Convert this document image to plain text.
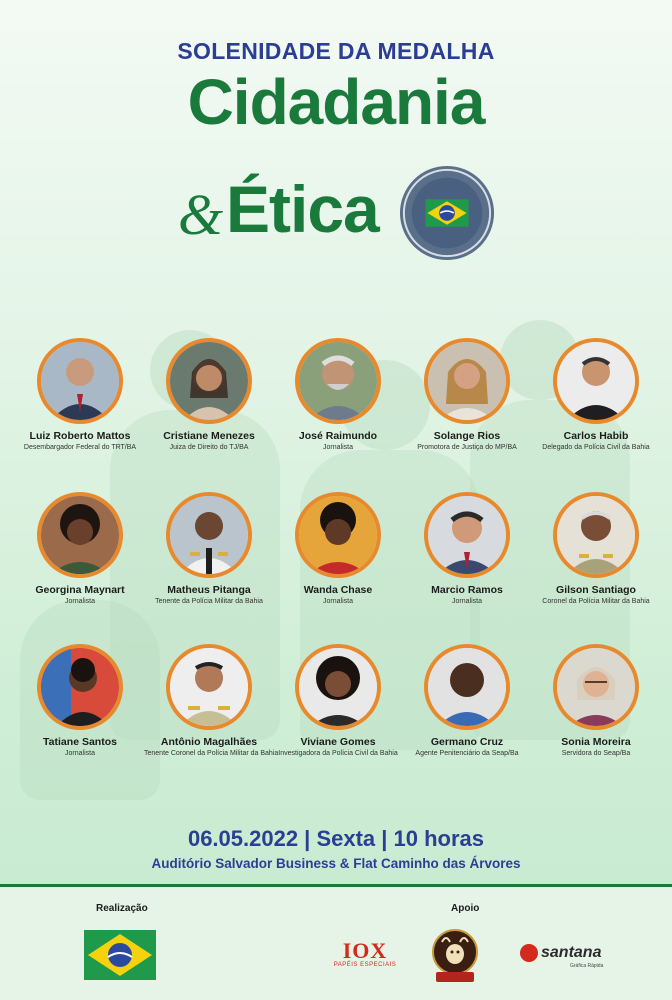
SOLENIDADE DA MEDALHA
Cidadania
& Ética
Luiz Roberto Mattos
Desembargador Federal do TRT/BA
Cristiane Menezes
Juiza de Direito do TJ/BA
José Raimundo
Jornalista
Solange Rios
Promotora de Justiça do MP/BA
Carlos Habib
Delegado da Polícia Civil da Bahia
Georgina Maynart
Jornalista
Matheus Pitanga
Tenente da Polícia Militar da Bahia
Wanda Chase
Jornalista
Marcio Ramos
Jornalista
Gilson Santiago
Coronel da Polícia Militar da Bahia
Tatiane Santos
Jornalista
Antônio Magalhães
Tenente Coronel da Polícia Militar da Bahia
Viviane Gomes
Investigadora da Polícia Civil da Bahia
Germano Cruz
Agente Penitenciário da Seap/Ba
Sonia Moreira
Servidora do Seap/Ba
06.05.2022 | Sexta | 10 horas
Auditório Salvador Business & Flat Caminho das Árvores
Realização	Apoio
IOX
PAPÉIS ESPECIAIS
santana
Gráfica Rápida
